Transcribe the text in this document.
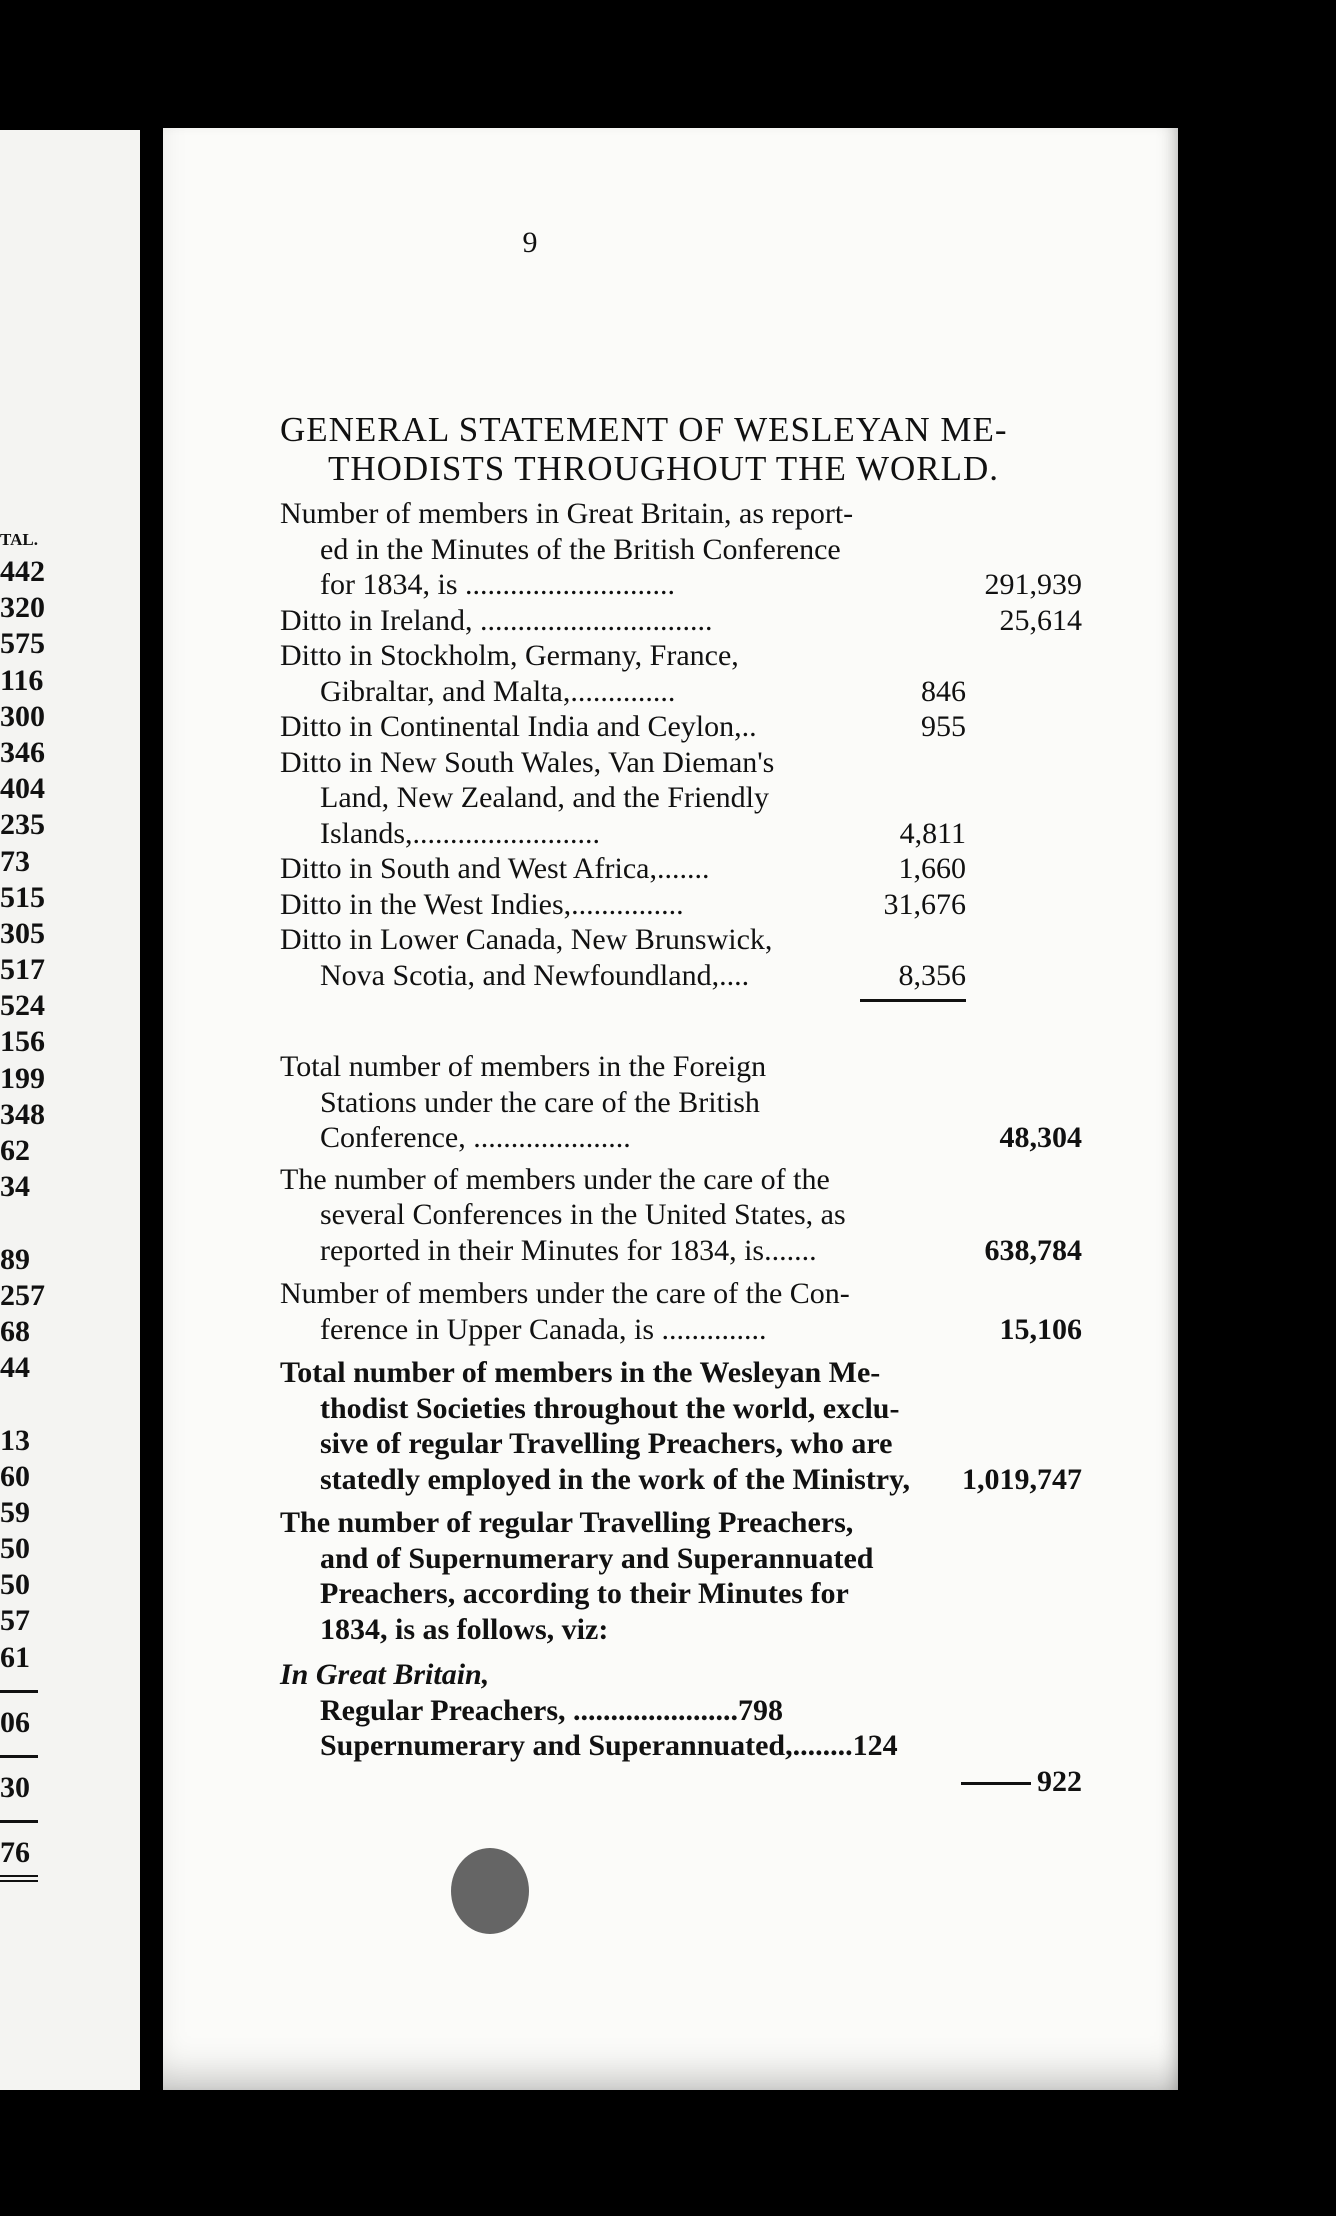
TAL.
442
320
575
116
300
346
404
235
73
515
305
517
524
156
199
348
62
34
89
257
68
44
13
60
59
50
50
57
61
06
30
76
9
GENERAL STATEMENT OF WESLEYAN ME-
THODISTS THROUGHOUT THE WORLD.
Number of members in Great Britain, as report-
ed in the Minutes of the British Conference
for 1834, is ............................	291,939
Ditto in Ireland, ...............................	25,614
Ditto in Stockholm, Germany, France,
Gibraltar, and Malta,..............	846
Ditto in Continental India and Ceylon,..	955
Ditto in New South Wales, Van Dieman's
Land, New Zealand, and the Friendly
Islands,.........................	4,811
Ditto in South and West Africa,.......	1,660
Ditto in the West Indies,...............	31,676
Ditto in Lower Canada, New Brunswick,
Nova Scotia, and Newfoundland,....	8,356
Total number of members in the Foreign
Stations under the care of the British
Conference, .....................	48,304
The number of members under the care of the
several Conferences in the United States, as
reported in their Minutes for 1834, is.......	638,784
Number of members under the care of the Con-
ference in Upper Canada, is ..............	15,106
Total number of members in the Wesleyan Me-
thodist Societies throughout the world, exclu-
sive of regular Travelling Preachers, who are
statedly employed in the work of the Ministry, 1,019,747
The number of regular Travelling Preachers,
and of Supernumerary and Superannuated
Preachers, according to their Minutes for
1834, is as follows, viz:
In Great Britain,
Regular Preachers, ......................798
Supernumerary and Superannuated,........124
922
